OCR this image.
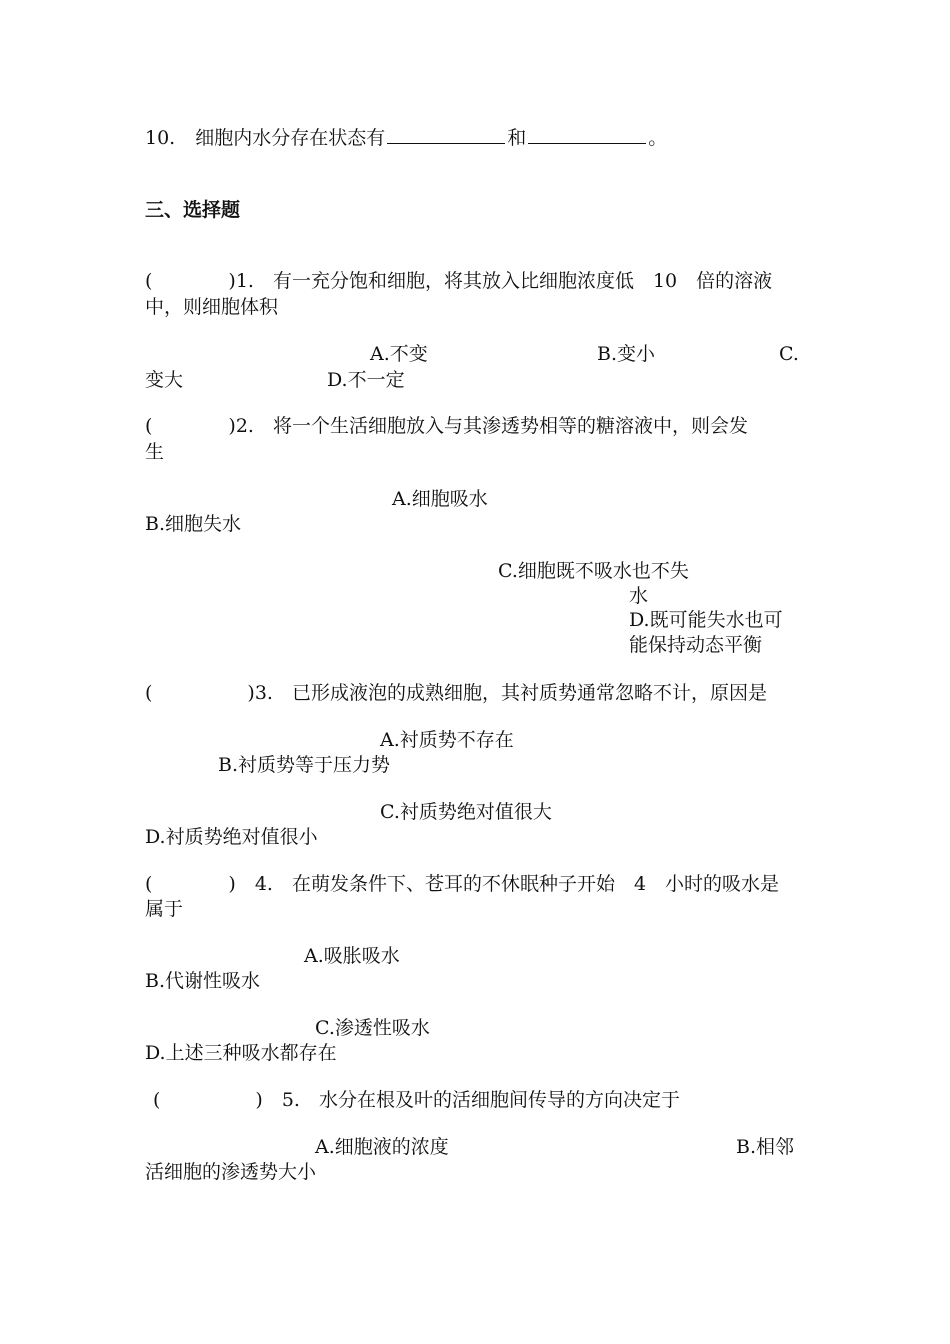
10. 细胞内水分存在状态有	和	。
三、选择题
(　　　　)1.　有一充分饱和细胞，将其放入比细胞浓度低　10　倍的溶液
中，则细胞体积
A.不变	B.变小	C.
变大	D.不一定
(　　　　)2.　将一个生活细胞放入与其渗透势相等的糖溶液中，则会发
生
A.细胞吸水
B.细胞失水
C.细胞既不吸水也不失
水
D.既可能失水也可
能保持动态平衡
(　　　　　)3.　已形成液泡的成熟细胞，其衬质势通常忽略不计，原因是
A.衬质势不存在
B.衬质势等于压力势
C.衬质势绝对值很大
D.衬质势绝对值很小
(　　　　)　4.　在萌发条件下、苍耳的不休眠种子开始　4　小时的吸水是
属于
A.吸胀吸水
B.代谢性吸水
C.渗透性吸水
D.上述三种吸水都存在
(　　　　　)　5.　水分在根及叶的活细胞间传导的方向决定于
A.细胞液的浓度	B.相邻
活细胞的渗透势大小
